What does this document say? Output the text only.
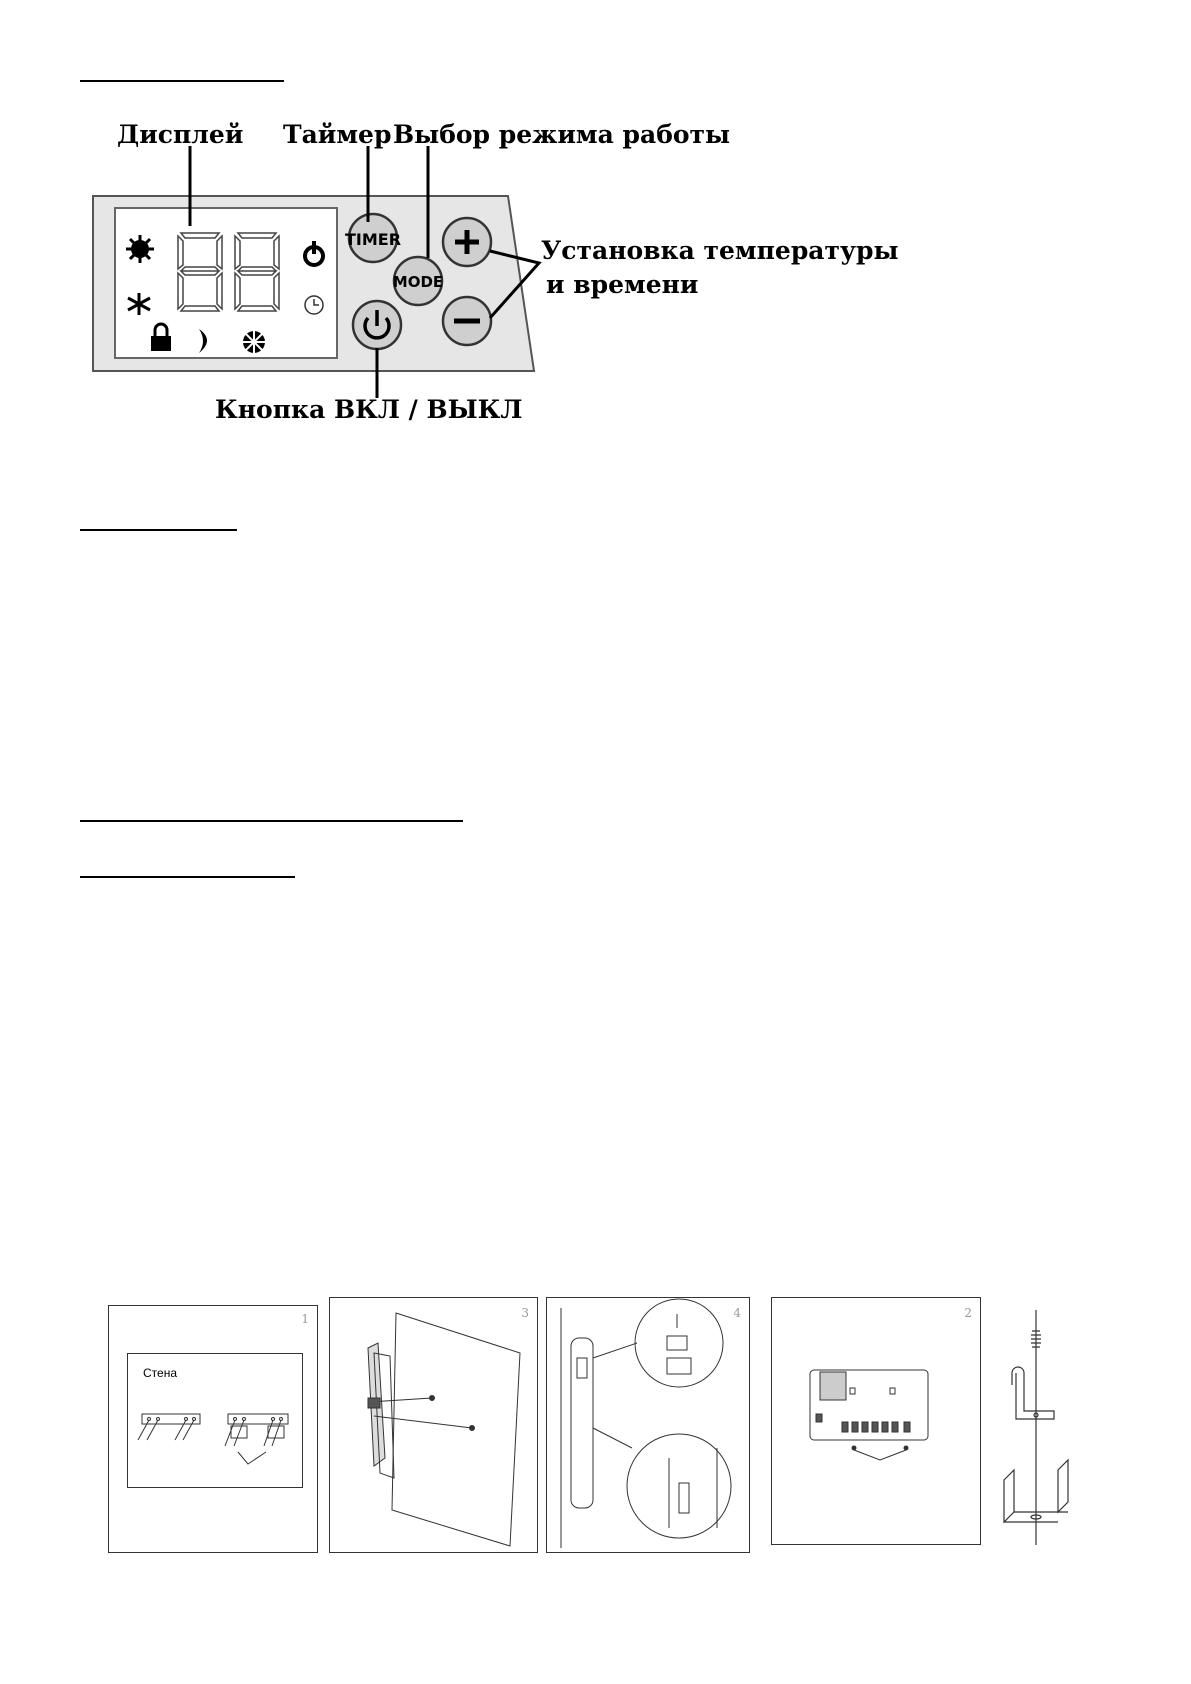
Дисплей Таймер Выбор режима работы
Установка температуры
и времени
Кнопка ВКЛ / ВЫКЛ
TIMER
MODE
1
Стена
3	4	2
